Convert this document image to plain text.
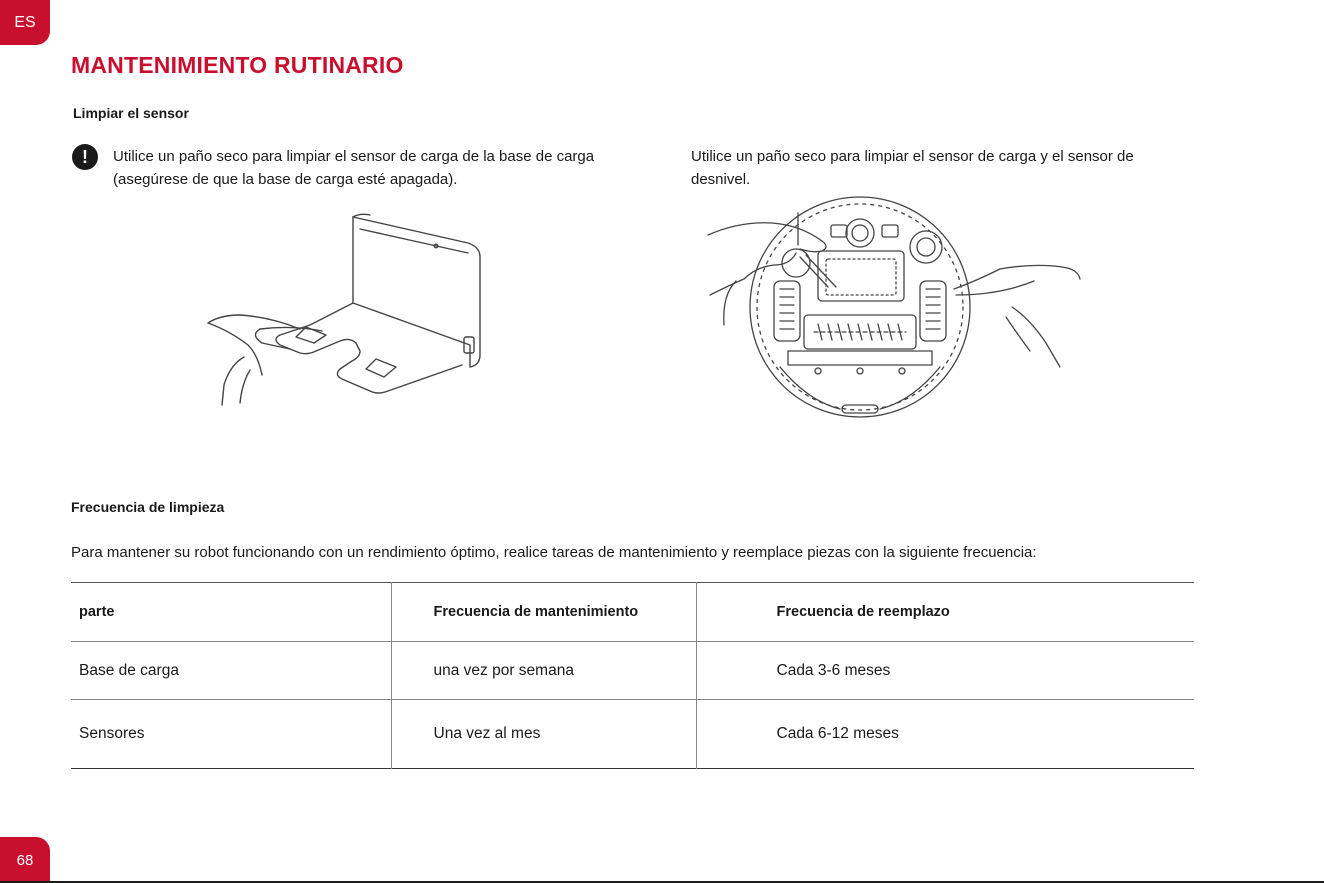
ES
MANTENIMIENTO RUTINARIO
Limpiar el sensor
!	Utilice un paño seco para limpiar el sensor de carga de la base de carga (asegúrese de que la base de carga esté apagada).

Utilice un paño seco para limpiar el sensor de carga y el sensor de desnivel.

Frecuencia de limpieza

Para mantener su robot funcionando con un rendimiento óptimo, realice tareas de mantenimiento y reemplace piezas con la siguiente frecuencia:

parte	Frecuencia de mantenimiento	Frecuencia de reemplazo
Base de carga	una vez por semana	Cada 3-6 meses
Sensores	Una vez al mes	Cada 6-12 meses
68
